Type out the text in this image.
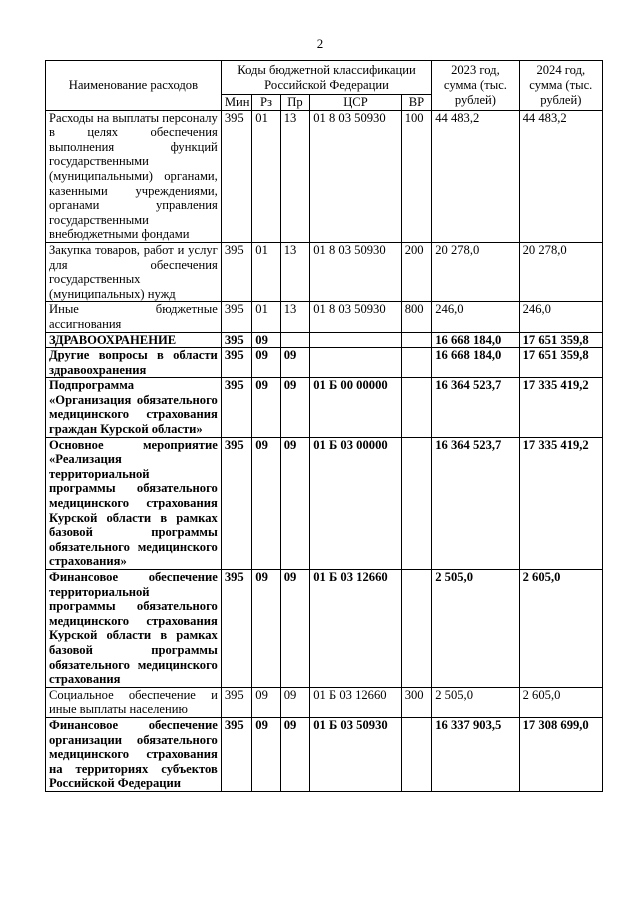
2
Наименование расходов	Коды бюджетной классификации Российской Федерации					2023 год, сумма (тыс. рублей)	2024 год, сумма (тыс. рублей)
	Мин	Рз	Пр	ЦСР	ВР		
Расходы на выплаты персоналу в целях обеспечения выполнения функций государственными (муниципальными) органами, казенными учреждениями, органами управления государственными внебюджетными фондами	395	01	13	01 8 03 50930	100	44 483,2	44 483,2
Закупка товаров, работ и услуг для обеспечения государственных (муниципальных) нужд	395	01	13	01 8 03 50930	200	20 278,0	20 278,0
Иные бюджетные ассигнования	395	01	13	01 8 03 50930	800	246,0	246,0
ЗДРАВООХРАНЕНИЕ	395	09				16 668 184,0	17 651 359,8
Другие вопросы в области здравоохранения	395	09	09			16 668 184,0	17 651 359,8
Подпрограмма «Организация обязательного медицинского страхования граждан Курской области»	395	09	09	01 Б 00 00000		16 364 523,7	17 335 419,2
Основное мероприятие «Реализация территориальной программы обязательного медицинского страхования Курской области в рамках базовой программы обязательного медицинского страхования»	395	09	09	01 Б 03 00000		16 364 523,7	17 335 419,2
Финансовое обеспечение территориальной программы обязательного медицинского страхования Курской области в рамках базовой программы обязательного медицинского страхования	395	09	09	01 Б 03 12660		2 505,0	2 605,0
Социальное обеспечение и иные выплаты населению	395	09	09	01 Б 03 12660	300	2 505,0	2 605,0
Финансовое обеспечение организации обязательного медицинского страхования на территориях субъектов Российской Федерации	395	09	09	01 Б 03 50930		16 337 903,5	17 308 699,0
